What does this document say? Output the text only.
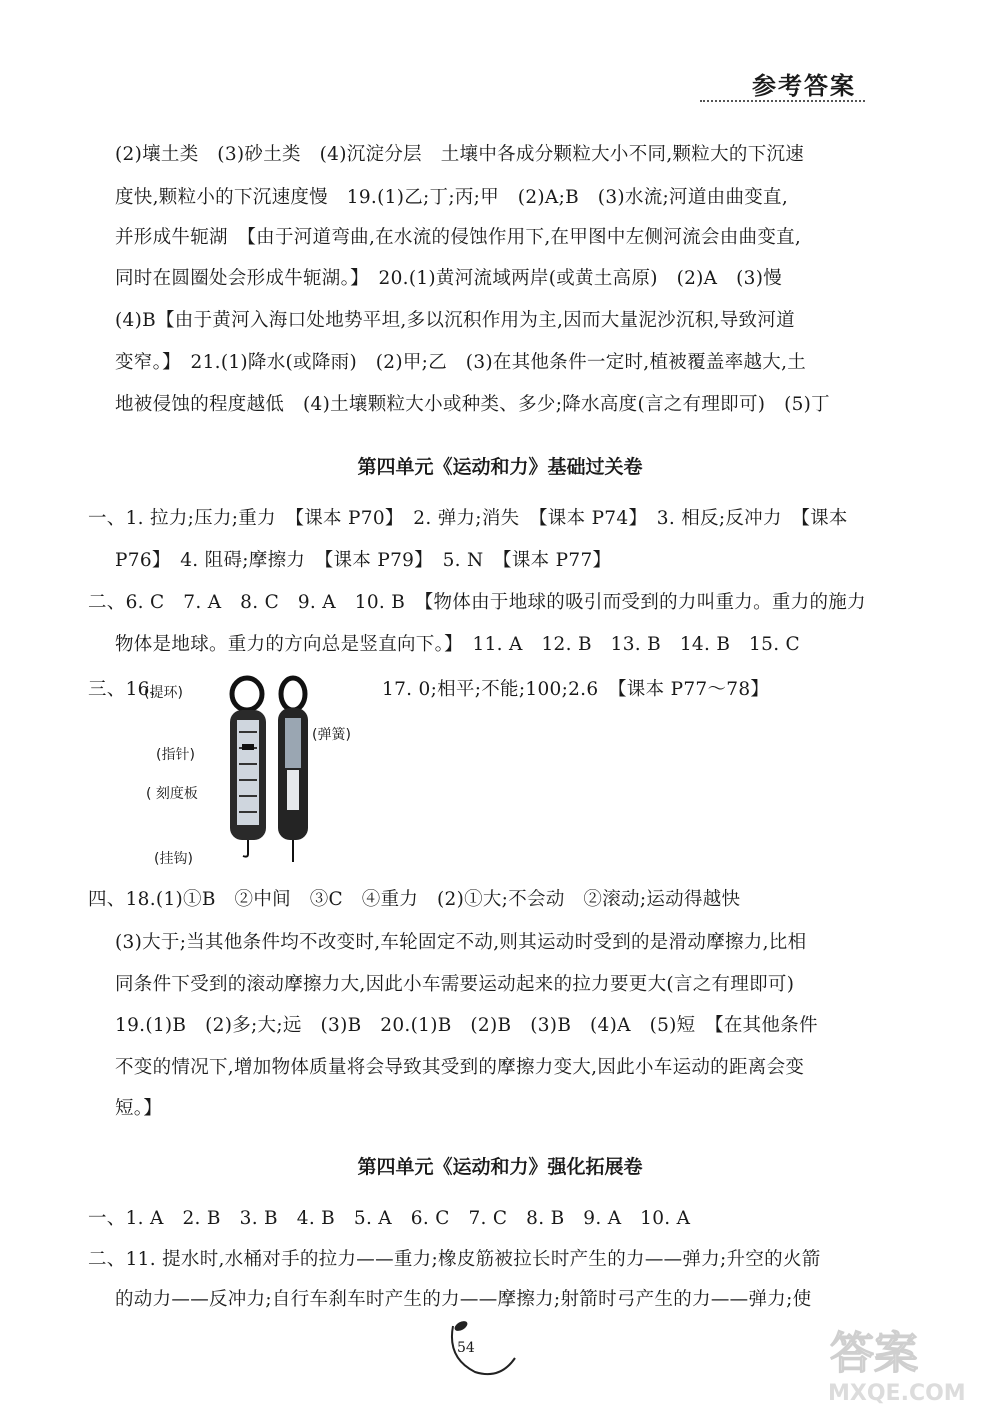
参考答案
(2)壤土类　(3)砂土类　(4)沉淀分层　土壤中各成分颗粒大小不同,颗粒大的下沉速
度快,颗粒小的下沉速度慢　19.(1)乙;丁;丙;甲　(2)A;B　(3)水流;河道由曲变直,
并形成牛轭湖　【由于河道弯曲,在水流的侵蚀作用下,在甲图中左侧河流会由曲变直,
同时在圆圈处会形成牛轭湖。】　20.(1)黄河流域两岸(或黄土高原)　(2)A　(3)慢
(4)B【由于黄河入海口处地势平坦,多以沉积作用为主,因而大量泥沙沉积,导致河道
变窄。】　21.(1)降水(或降雨)　(2)甲;乙　(3)在其他条件一定时,植被覆盖率越大,土
地被侵蚀的程度越低　(4)土壤颗粒大小或种类、多少;降水高度(言之有理即可)　(5)丁
第四单元《运动和力》基础过关卷
一、1. 拉力;压力;重力　【课本 P70】　2. 弹力;消失　【课本 P74】　3. 相反;反冲力　【课本
P76】　4. 阻碍;摩擦力　【课本 P79】　5. N　【课本 P77】
二、6. C　7. A　8. C　9. A　10. B　【物体由于地球的吸引而受到的力叫重力。重力的施力
物体是地球。重力的方向总是竖直向下。】　11. A　12. B　13. B　14. B　15. C
三、16.	17. 0;相平;不能;100;2.6　【课本 P77～78】
(提环)
(指针)
( 刻度板
(挂钩)
(弹簧)
四、18.(1)①B　②中间　③C　④重力　(2)①大;不会动　②滚动;运动得越快
(3)大于;当其他条件均不改变时,车轮固定不动,则其运动时受到的是滑动摩擦力,比相
同条件下受到的滚动摩擦力大,因此小车需要运动起来的拉力要更大(言之有理即可)
19.(1)B　(2)多;大;远　(3)B　20.(1)B　(2)B　(3)B　(4)A　(5)短　【在其他条件
不变的情况下,增加物体质量将会导致其受到的摩擦力变大,因此小车运动的距离会变
短。】
第四单元《运动和力》强化拓展卷
一、1. A　2. B　3. B　4. B　5. A　6. C　7. C　8. B　9. A　10. A
二、11. 提水时,水桶对手的拉力——重力;橡皮筋被拉长时产生的力——弹力;升空的火箭
的动力——反冲力;自行车刹车时产生的力——摩擦力;射箭时弓产生的力——弹力;使
54	答案
MXQE.COM
